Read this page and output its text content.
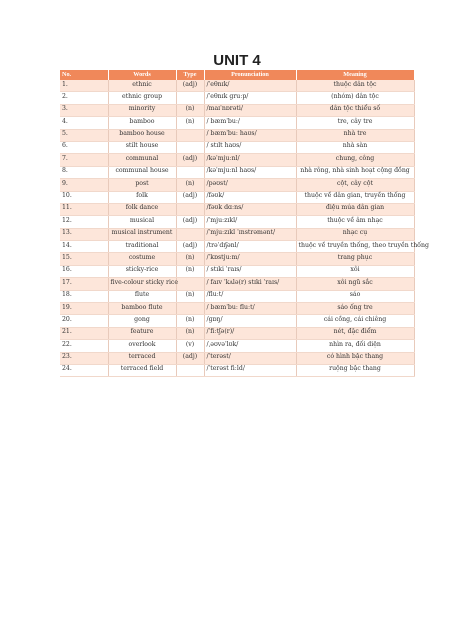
UNIT 4
No.	Words	Type	Pronunciation	Meaning
1.	ethnic	(adj)	/ˈeθnɪk/	thuộc dân tộc
2.	ethnic group		/ˈeθnɪk gruːp/	(nhóm) dân tộc
3.	minority	(n)	/maɪˈnɒrəti/	dân tộc thiểu số
4.	bamboo	(n)	/ bæmˈbuː/	tre, cây tre
5.	bamboo house		/ bæmˈbuː haʊs/	nhà tre
6.	stilt house		/ stɪlt haʊs/	nhà sàn
7.	communal	(adj)	/kəˈmjuːnl/	chung, công
8.	communal house		/kəˈmjuːnl haʊs/	nhà rông, nhà sinh hoạt cộng đồng
9.	post	(n)	/pəʊst/	cột, cây cột
10.	folk	(adj)	/fəʊk/	thuộc về dân gian, truyền thống
11.	folk dance		/fəʊk dɑːns/	điệu múa dân gian
12.	musical	(adj)	/ˈmjuːzɪkl/	thuộc về âm nhạc
13.	musical instrument		/ˈmjuːzɪkl ˈɪnstrəmənt/	nhạc cụ
14.	traditional	(adj)	/trəˈdɪʃənl/	thuộc về truyền thống, theo truyền thống
15.	costume	(n)	/ˈkɒstjuːm/	trang phục
16.	sticky-rice	(n)	/ stɪki ˈraɪs/	xôi
17.	five-colour sticky rice		/ faɪv ˈkʌlə(r) stɪki ˈraɪs/	xôi ngũ sắc
18.	flute	(n)	/fluːt/	sáo
19.	bamboo flute		/ bæmˈbuː fluːt/	sáo ống tre
20.	gong	(n)	/ɡɒŋ/	cái cồng, cái chiêng
21.	feature	(n)	/ˈfiːtʃə(r)/	nét, đặc điểm
22.	overlook	(v)	/ˌəʊvəˈlʊk/	nhìn ra, đối diện
23.	terraced	(adj)	/ˈterəst/	có hình bậc thang
24.	terraced field		/ˈterəst fiːld/	ruộng bậc thang
